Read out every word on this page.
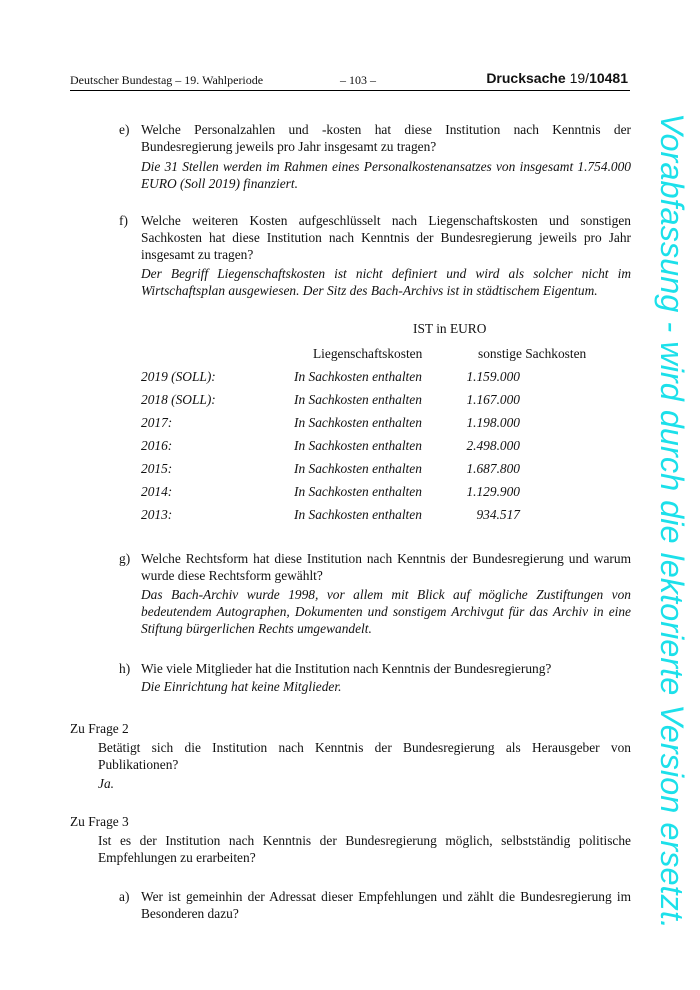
Deutscher Bundestag – 19. Wahlperiode	– 103 –	Drucksache 19/10481
e) Welche Personalzahlen und -kosten hat diese Institution nach Kenntnis der Bundesregierung jeweils pro Jahr insgesamt zu tragen?
Die 31 Stellen werden im Rahmen eines Personalkostenansatzes von insgesamt 1.754.000 EURO (Soll 2019) finanziert.
f) Welche weiteren Kosten aufgeschlüsselt nach Liegenschaftskosten und sonstigen Sachkosten hat diese Institution nach Kenntnis der Bundesregierung jeweils pro Jahr insgesamt zu tragen?
Der Begriff Liegenschaftskosten ist nicht definiert und wird als solcher nicht im Wirtschaftsplan ausgewiesen. Der Sitz des Bach-Archivs ist in städtischem Eigentum.
IST in EURO
Liegenschaftskosten	sonstige Sachkosten
2019 (SOLL):	In Sachkosten enthalten	1.159.000
2018 (SOLL):	In Sachkosten enthalten	1.167.000
2017:	In Sachkosten enthalten	1.198.000
2016:	In Sachkosten enthalten	2.498.000
2015:	In Sachkosten enthalten	1.687.800
2014:	In Sachkosten enthalten	1.129.900
2013:	In Sachkosten enthalten	934.517
g) Welche Rechtsform hat diese Institution nach Kenntnis der Bundesregierung und warum wurde diese Rechtsform gewählt?
Das Bach-Archiv wurde 1998, vor allem mit Blick auf mögliche Zustiftungen von bedeutendem Autographen, Dokumenten und sonstigem Archivgut für das Archiv in eine Stiftung bürgerlichen Rechts umgewandelt.
h) Wie viele Mitglieder hat die Institution nach Kenntnis der Bundesregierung?
Die Einrichtung hat keine Mitglieder.
Zu Frage 2
Betätigt sich die Institution nach Kenntnis der Bundesregierung als Herausgeber von Publikationen?
Ja.
Zu Frage 3
Ist es der Institution nach Kenntnis der Bundesregierung möglich, selbstständig politische Empfehlungen zu erarbeiten?
a) Wer ist gemeinhin der Adressat dieser Empfehlungen und zählt die Bundesregierung im Besonderen dazu?	Vorabfassung - wird durch die lektorierte Version ersetzt.
